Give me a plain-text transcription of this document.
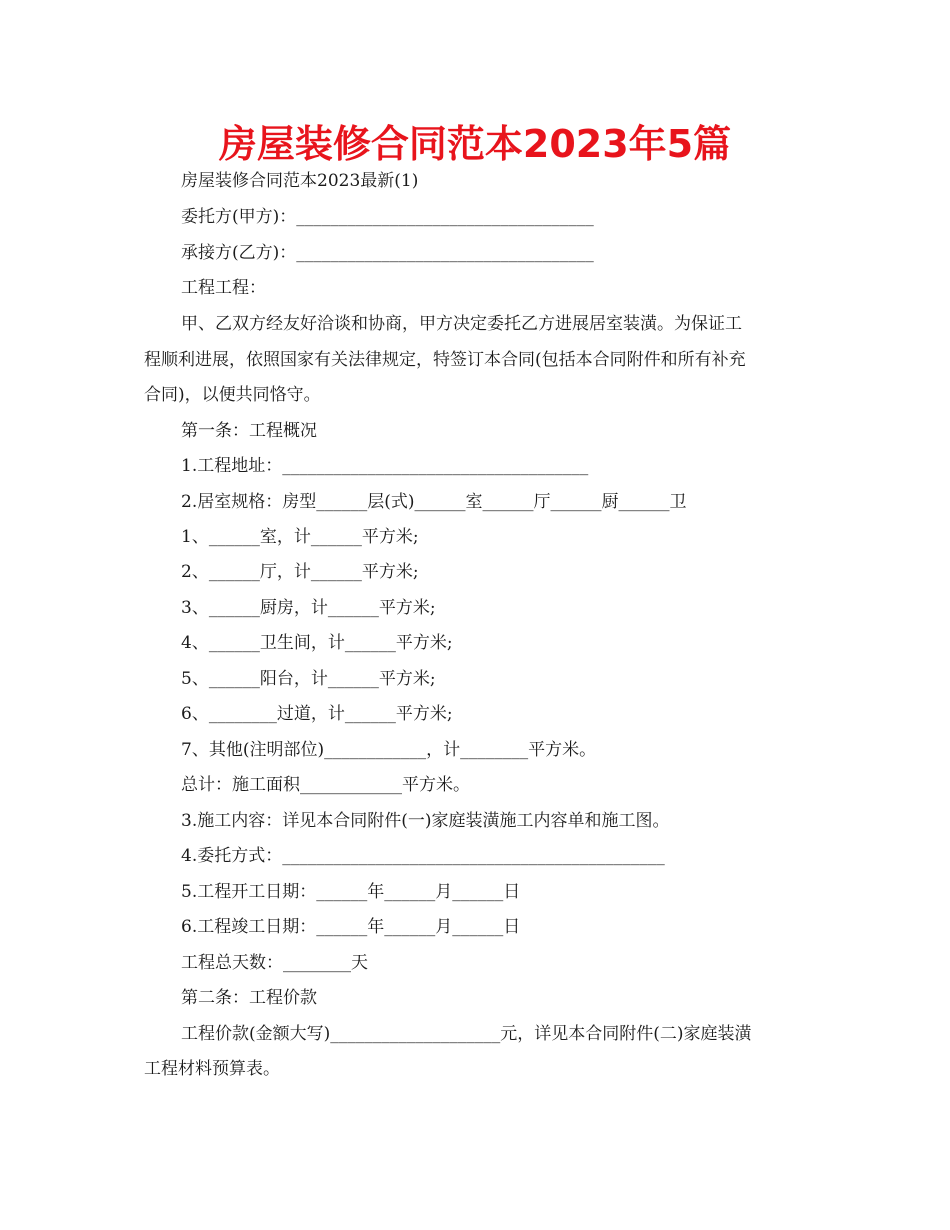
房屋装修合同范本2023年5篇
房屋装修合同范本2023最新(1)
委托方(甲方)：___________________________________
承接方(乙方)：___________________________________
工程工程：
甲、乙双方经友好洽谈和协商，甲方决定委托乙方进展居室装潢。为保证工
程顺利进展，依照国家有关法律规定，特签订本合同(包括本合同附件和所有补充
合同)，以便共同恪守。
第一条：工程概况
1.工程地址：____________________________________
2.居室规格：房型______层(式)______室______厅______厨______卫
1、______室，计______平方米;
2、______厅，计______平方米;
3、______厨房，计______平方米;
4、______卫生间，计______平方米;
5、______阳台，计______平方米;
6、________过道，计______平方米;
7、其他(注明部位)____________，计________平方米。
总计：施工面积____________平方米。
3.施工内容：详见本合同附件(一)家庭装潢施工内容单和施工图。
4.委托方式：_____________________________________________
5.工程开工日期：______年______月______日
6.工程竣工日期：______年______月______日
工程总天数：________天
第二条：工程价款
工程价款(金额大写)____________________元，详见本合同附件(二)家庭装潢
工程材料预算表。
